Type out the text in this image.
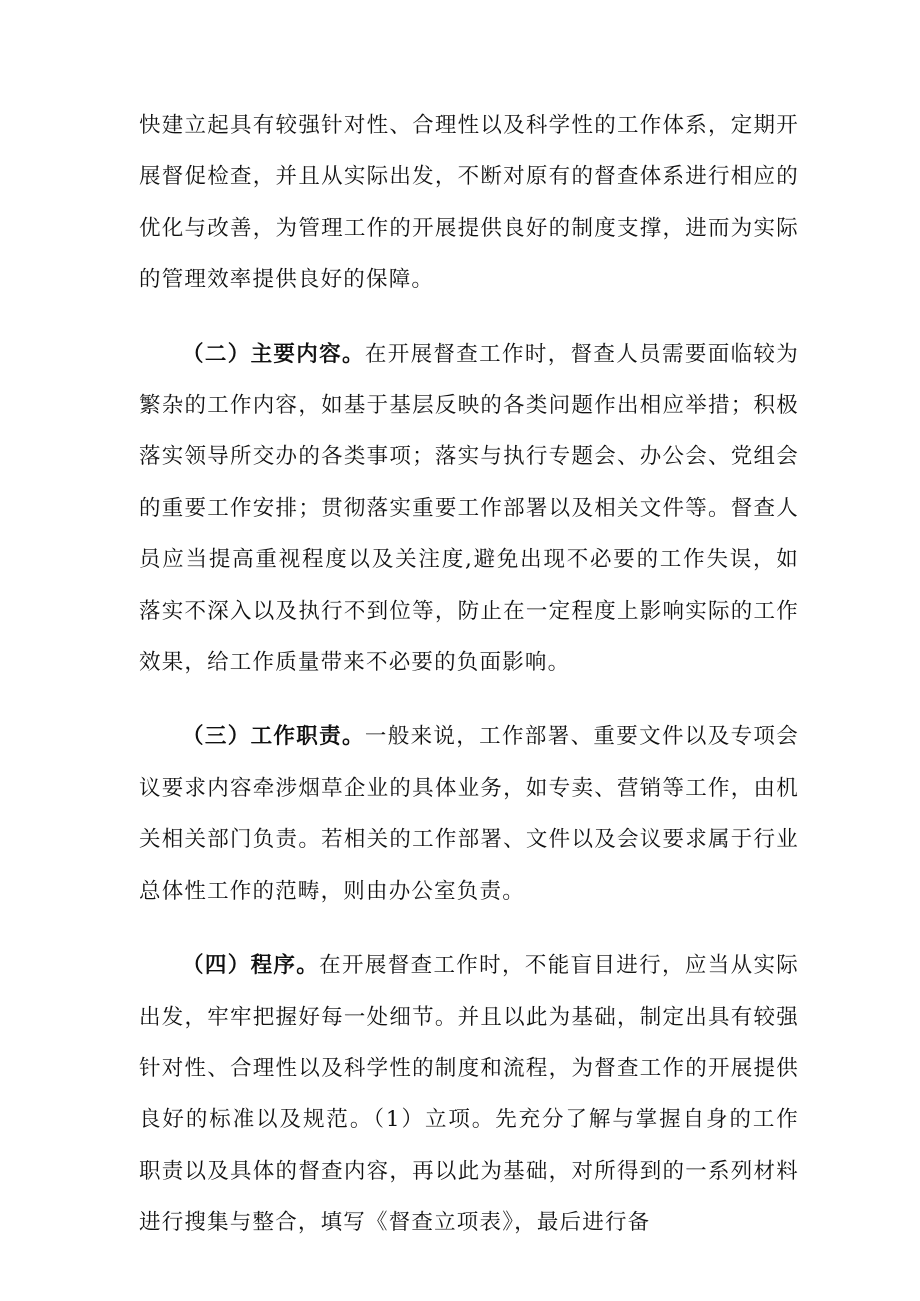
快建立起具有较强针对性、合理性以及科学性的工作体系，定期开展督促检查，并且从实际出发，不断对原有的督查体系进行相应的优化与改善，为管理工作的开展提供良好的制度支撑，进而为实际的管理效率提供良好的保障。

（二）主要内容。在开展督查工作时，督查人员需要面临较为繁杂的工作内容，如基于基层反映的各类问题作出相应举措；积极落实领导所交办的各类事项；落实与执行专题会、办公会、党组会的重要工作安排；贯彻落实重要工作部署以及相关文件等。督查人员应当提高重视程度以及关注度,避免出现不必要的工作失误，如落实不深入以及执行不到位等，防止在一定程度上影响实际的工作效果，给工作质量带来不必要的负面影响。

（三）工作职责。一般来说，工作部署、重要文件以及专项会议要求内容牵涉烟草企业的具体业务，如专卖、营销等工作，由机关相关部门负责。若相关的工作部署、文件以及会议要求属于行业总体性工作的范畴，则由办公室负责。

（四）程序。在开展督查工作时，不能盲目进行，应当从实际出发，牢牢把握好每一处细节。并且以此为基础，制定出具有较强针对性、合理性以及科学性的制度和流程，为督查工作的开展提供良好的标准以及规范。（1）立项。先充分了解与掌握自身的工作职责以及具体的督查内容，再以此为基础，对所得到的一系列材料进行搜集与整合，填写《督查立项表》，最后进行备
